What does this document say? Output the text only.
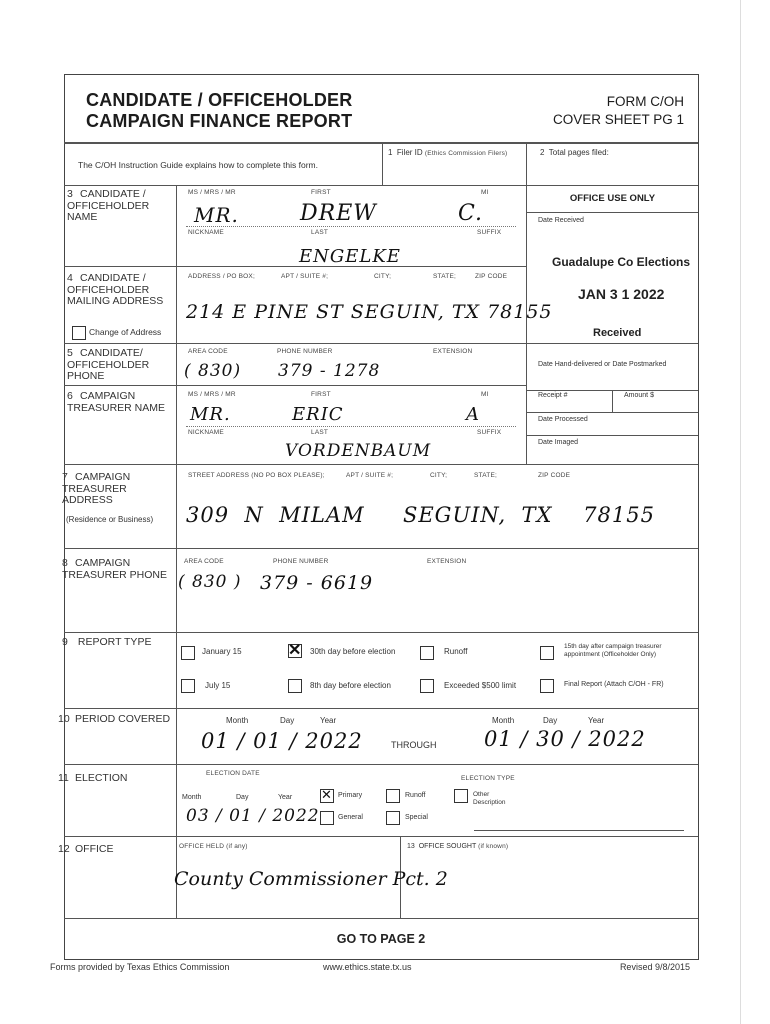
CANDIDATE / OFFICEHOLDER
CAMPAIGN FINANCE REPORT
FORM C/OH
COVER SHEET PG 1
The C/OH Instruction Guide explains how to complete this form.
1 Filer ID (Ethics Commission Filers)	2 Total pages filed:
OFFICE USE ONLY
Date Received
Guadalupe Co Elections
JAN 3 1 2022
Received
Date Hand-delivered or Date Postmarked
Receipt #	Amount $
Date Processed
Date Imaged
3 CANDIDATE / OFFICEHOLDER NAME
MS / MRS / MR	FIRST	MI
MR.	DREW	C.
NICKNAME	LAST	SUFFIX
ENGELKE
4 CANDIDATE / OFFICEHOLDER MAILING ADDRESS
Change of Address
ADDRESS / PO BOX;	APT / SUITE #;	CITY;	STATE;	ZIP CODE
214 E PINE ST SEGUIN, TX 78155
5 CANDIDATE/ OFFICEHOLDER PHONE
AREA CODE	PHONE NUMBER	EXTENSION
( 830) 379 - 1278
6 CAMPAIGN TREASURER NAME
MS / MRS / MR	FIRST	MI
MR.	ERIC	A
NICKNAME	LAST	SUFFIX
VORDENBAUM
7 CAMPAIGN TREASURER ADDRESS
(Residence or Business)
STREET ADDRESS (NO PO BOX PLEASE);	APT / SUITE #;	CITY;	STATE;	ZIP CODE
309  N  MILAM     SEGUIN,  TX    78155
8 CAMPAIGN TREASURER PHONE
AREA CODE	PHONE NUMBER	EXTENSION
( 830 ) 379 - 6619
9 REPORT TYPE
January 15
✕	30th day before election	Runoff
15th day after campaign treasurer appointment (Officeholder Only)
July 15	8th day before election	Exceeded $500 limit	Final Report (Attach C/OH - FR)
10 PERIOD COVERED	Month	Day	Year	Month	Day	Year
01 / 01 / 2022	THROUGH 01 / 30 / 2022
11 ELECTION	ELECTION DATE
ELECTION TYPE
Month	Day	Year
03 / 01 / 2022
✕
Primary	Runoff	Other Description
General	Special
12 OFFICE	OFFICE HELD (if any)
County Commissioner Pct. 2
13 OFFICE SOUGHT (if known)
GO TO PAGE 2
Forms provided by Texas Ethics Commission	www.ethics.state.tx.us	Revised 9/8/2015
